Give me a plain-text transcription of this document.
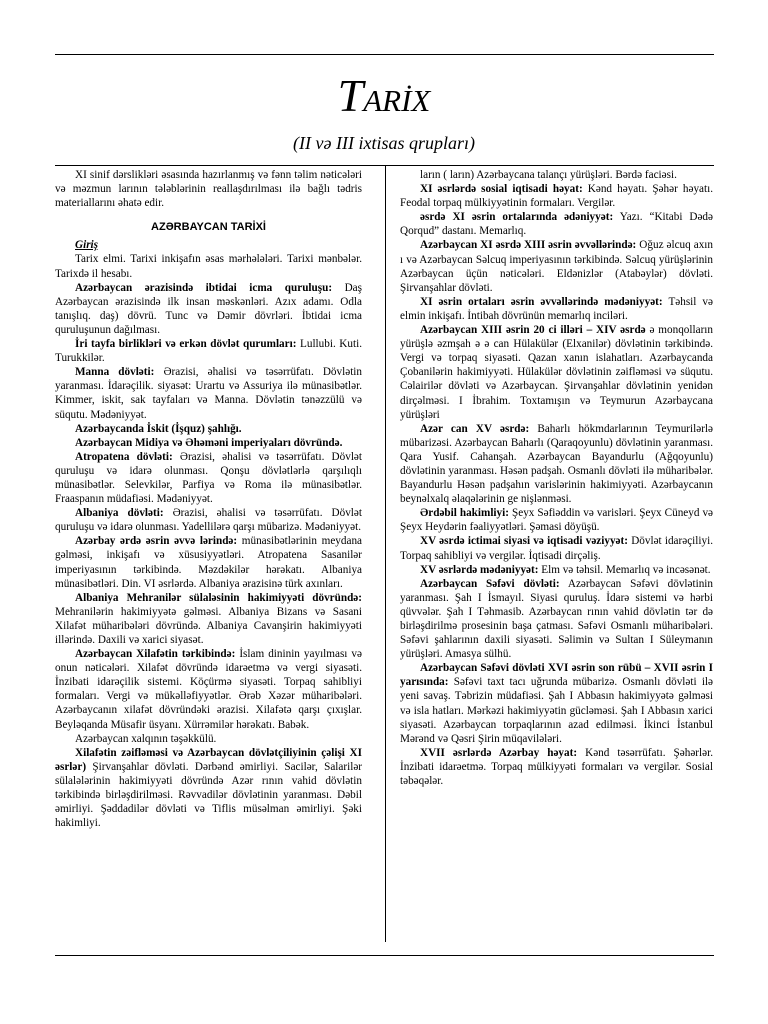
TARİX
(II və III ixtisas qrupları)

XI sinif dərslikləri əsasında hazırlanmış və fənn təlim nəticələri və məzmun larının tələblərinin reallaşdırılması ilə bağlı tədris materiallarını əhatə edir.

AZƏRBAYCAN TARİXİ

Giriş

Tarix elmi. Tarixi inkişafın əsas mərhələləri. Tarixi mənbələr. Tarixdə il hesabı.

Azərbaycan ərazisində ibtidai icma quruluşu: Daş Azərbaycan ərazisində ilk insan məskənləri. Azıx adamı. Odla tanışlıq. daş) dövrü. Tunc və Dəmir dövrləri. İbtidai icma quruluşunun dağılması.

İri tayfa birlikləri və erkən dövlət qurumları: Lullubi. Kuti. Turukkilər.

Manna dövləti: Ərazisi, əhalisi və təsərrüfatı. Dövlətin yaranması. İdarəçilik. siyasət: Urartu və Assuriya ilə münasibətlər. Kimmer, iskit, sak tayfaları və Manna. Dövlətin tənəzzülü və süqutu. Mədəniyyət.

Azərbaycanda İskit (İşquz) şahlığı.

Azərbaycan Midiya və Əhəməni imperiyaları dövründə.

Atropatena dövləti: Ərazisi, əhalisi və təsərrüfatı. Dövlət quruluşu və idarə olunması. Qonşu dövlətlərlə qarşılıqlı münasibətlər. Selevkilər, Parfiya və Roma ilə münasibətlər. Fraaspanın müdafiəsi. Mədəniyyət.

Albaniya dövləti: Ərazisi, əhalisi və təsərrüfatı. Dövlət quruluşu və idarə olunması. Yadellilərə qarşı mübarizə. Mədəniyyət.

Azərbay ərdə əsrin əvvə lərində: münasibətlərinin meydana gəlməsi, inkişafı və xüsusiyyətləri. Atropatena Sasanilər imperiyasının tərkibində. Məzdəkilər hərəkatı. Albaniya münasibətləri. Din. VI əsrlərdə. Albaniya ərazisinə türk axınları.

Albaniya Mehranilər sülaləsinin hakimiyyəti dövründə: Mehranilərin hakimiyyətə gəlməsi. Albaniya Bizans və Sasani Xilafət müharibələri dövründə. Albaniya Cavanşirin hakimiyyəti illərində. Daxili və xarici siyasət.

Azərbaycan Xilafətin tərkibində: İslam dininin yayılması və onun nəticələri. Xilafət dövründə idarəetmə və vergi siyasəti. İnzibati idarəçilik sistemi. Köçürmə siyasəti. Torpaq sahibliyi formaları. Vergi və mükəlləfiyyətlər. Ərəb Xəzər müharibələri. Azərbaycanın xilafət dövründəki ərazisi. Xilafətə qarşı çıxışlar. Beyləqanda Müsafir üsyanı. Xürrəmilər hərəkatı. Babək.

Azərbaycan xalqının təşəkkülü.

Xilafətin zəifləməsi və Azərbaycan dövlətçiliyinin çəlişi XI əsrlər) Şirvanşahlar dövləti. Dərbənd əmirliyi. Sacilər, Salarilər sülalələrinin hakimiyyəti dövründə Azər rının vahid dövlətin tərkibində birləşdirilməsi. Rəvvadilər dövlətinin yaranması. Dəbil əmirliyi. Şəddadilər dövləti və Tiflis müsəlman əmirliyi. Şəki hakimliyi.

ların ( ların) Azərbaycana talançı yürüşləri. Bərdə faciəsi.

XI əsrlərdə sosial iqtisadi həyat: Kənd həyatı. Şəhər həyatı. Feodal torpaq mülkiyyətinin formaları. Vergilər.

əsrdə XI əsrin ortalarında ədəniyyət: Yazı. “Kitabi Dədə Qorqud” dastanı. Memarlıq.

Azərbaycan XI əsrdə XIII əsrin əvvəllərində: Oğuz əlcuq axın ı və Azərbaycan Səlcuq imperiyasının tərkibində. Səlcuq yürüşlərinin Azərbaycan üçün nəticələri. Eldənizlər (Atabəylər) dövləti. Şirvanşahlar dövləti.

XI əsrin ortaları əsrin əvvəllərində mədəniyyət: Təhsil və elmin inkişafı. İntibah dövrünün memarlıq inciləri.

Azərbaycan XIII əsrin 20 ci illəri – XIV əsrdə ə monqolların yürüşlə əzmşah ə ə can Hülakülər (Elxanilər) dövlətinin tərkibində. Vergi və torpaq siyasəti. Qazan xanın islahatları. Azərbaycanda Çobanilərin hakimiyyəti. Hülakülər dövlətinin zəifləməsi və süqutu. Cəlairilər dövləti və Azərbaycan. Şirvanşahlar dövlətinin yenidən dirçəlməsi. I İbrahim. Toxtamışın və Teymurun Azərbaycana yürüşləri

Azər can XV əsrdə: Baharlı hökmdarlarının Teymurilərlə mübarizəsi. Azərbaycan Baharlı (Qaraqoyunlu) dövlətinin yaranması. Qara Yusif. Cahanşah. Azərbaycan Bayandurlu (Ağqoyunlu) dövlətinin yaranması. Həsən padşah. Osmanlı dövləti ilə müharibələr. Bayandurlu Həsən padşahın varislərinin hakimiyyəti. Azərbaycanın beynəlxalq əlaqələrinin ge nişlənməsi.

Ərdəbil hakimliyi: Şeyx Səfiəddin və varisləri. Şeyx Cüneyd və Şeyx Heydərin fəaliyyətləri. Şəmasi döyüşü.

XV əsrdə ictimai siyasi və iqtisadi vəziyyət: Dövlət idarəçiliyi. Torpaq sahibliyi və vergilər. İqtisadi dirçəliş.

XV əsrlərdə mədəniyyət: Elm və təhsil. Memarlıq və incəsənət.

Azərbaycan Səfəvi dövləti: Azərbaycan Səfəvi dövlətinin yaranması. Şah I İsmayıl. Siyasi quruluş. İdarə sistemi və hərbi qüvvələr. Şah I Təhmasib. Azərbaycan rının vahid dövlətin tər də birləşdirilmə prosesinin başa çatması. Səfəvi Osmanlı müharibələri. Səfəvi şahlarının daxili siyasəti. Səlimin və Sultan I Süleymanın yürüşləri. Amasya sülhü.

Azərbaycan Səfəvi dövləti XVI əsrin son rübü – XVII əsrin I yarısında: Səfəvi taxt tacı uğrunda mübarizə. Osmanlı dövləti ilə yeni savaş. Təbrizin müdafiəsi. Şah I Abbasın hakimiyyətə gəlməsi və isla hatları. Mərkəzi hakimiyyətin gücləməsi. Şah I Abbasın xarici siyasəti. Azərbaycan torpaqlarının azad edilməsi. İkinci İstanbul Mərənd və Qəsri Şirin müqavilələri.

XVII əsrlərdə Azərbay həyat: Kənd təsərrüfatı. Şəhərlər. İnzibati idarəetmə. Torpaq mülkiyyəti formaları və vergilər. Sosial təbəqələr.
